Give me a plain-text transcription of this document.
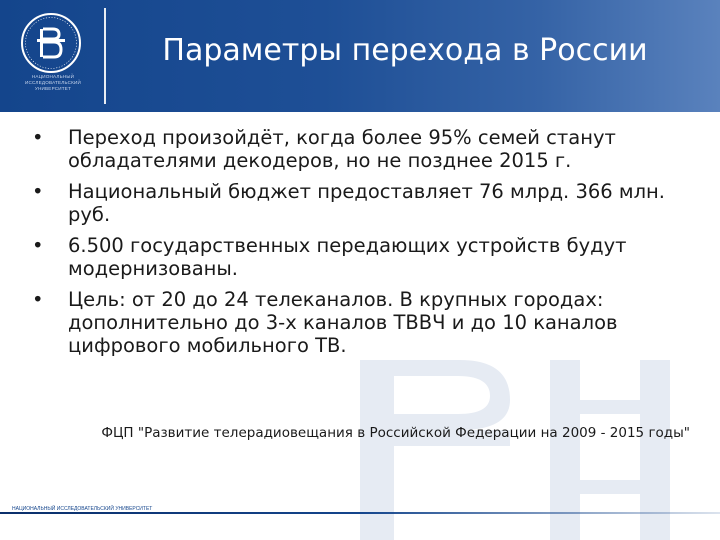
НАЦИОНАЛЬНЫЙ ИССЛЕДОВАТЕЛЬСКИЙ УНИВЕРСИТЕТ
Параметры перехода в России
•	Переход произойдёт, когда более 95% семей станут обладателями декодеров, но не позднее 2015 г.
•	Национальный бюджет предоставляет 76 млрд. 366 млн. руб.
•	6.500 государственных передающих устройств будут модернизованы.
•	Цель: от 20 до 24 телеканалов. В крупных городах: дополнительно до 3-х каналов ТВВЧ и до 10 каналов цифрового мобильного ТВ.

ФЦП "Развитие телерадиовещания в Российской Федерации на 2009 - 2015 годы"

НАЦИОНАЛЬНЫЙ ИССЛЕДОВАТЕЛЬСКИЙ УНИВЕРСИТЕТ
